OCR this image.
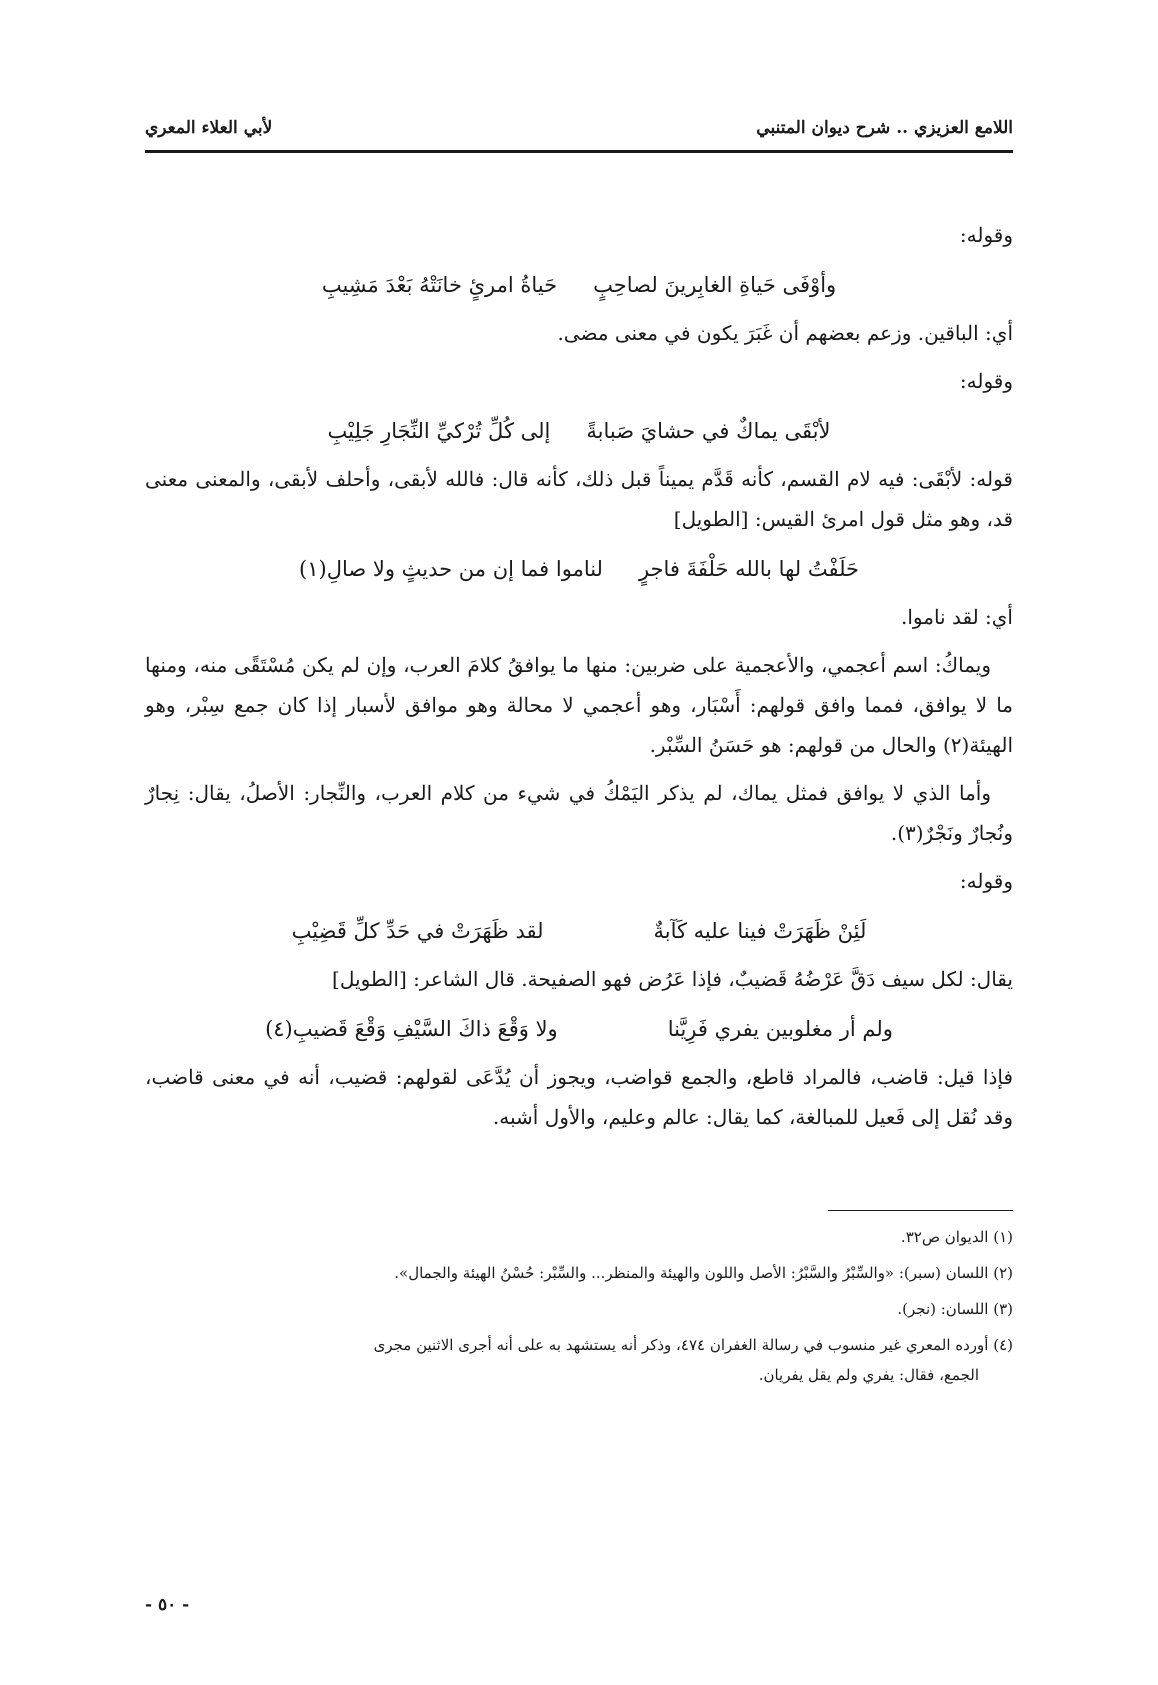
اللامع العزيزي .. شرح ديوان المتنبي
لأبي العلاء المعري
وقوله:
وأوْفَى حَياةِ الغابِرينَ لصاحِبٍ
حَياةُ امرئٍ خانَتْهُ بَعْدَ مَشِيبِ

أي: الباقين. وزعم بعضهم أن غَبَرَ يكون في معنى مضى.

وقوله:
لأبْقَى يماكٌ في حشايَ صَبابةً
إلى كُلِّ تُرْكيِّ النِّجَارِ جَلِيْبِ

قوله: لأبْقَى: فيه لام القسم، كأنه قَدَّم يميناً قبل ذلك، كأنه قال: فالله لأبقى، وأحلف لأبقى، والمعنى معنى قد، وهو مثل قول امرئ القيس: [الطويل]

حَلَفْتُ لها بالله حَلْفَةَ فاجرٍ
لناموا فما إن من حديثٍ ولا صالِ(١)

أي: لقد ناموا.

ويماكُ: اسم أعجمي، والأعجمية على ضربين: منها ما يوافقُ كلامَ العرب، وإن لم يكن مُسْتَقًى منه، ومنها ما لا يوافق، فمما وافق قولهم: أَسْبَار، وهو أعجمي لا محالة وهو موافق لأسبار إذا كان جمع سِبْر، وهو الهيئة(٢) والحال من قولهم: هو حَسَنُ السِّبْر.

وأما الذي لا يوافق فمثل يماك، لم يذكر اليَمْكُ في شيء من كلام العرب، والنِّجار: الأصلُ، يقال: نِجارٌ ونُجارٌ ونَجْرٌ(٣).

وقوله:
لَئِنْ ظَهَرَتْ فينا عليه كَآبةٌ
لقد ظَهَرَتْ في حَدِّ كلِّ قَضِيْبِ

يقال: لكل سيف دَقَّ عَرْضُهُ قَضيبٌ، فإذا عَرُض فهو الصفيحة. قال الشاعر: [الطويل]

ولم أر مغلوبين يفري فَرِيَّنا
ولا وَقْعَ ذاكَ السَّيْفِ وَقْعَ قَضيبِ(٤)

فإذا قيل: قاضب، فالمراد قاطع، والجمع قواضب، ويجوز أن يُدَّعَى لقولهم: قضيب، أنه في معنى قاضب، وقد نُقل إلى فَعيل للمبالغة، كما يقال: عالم وعليم، والأول أشبه.

(١) الديوان ص٣٢.
(٢) اللسان (سبر): «والسِّبْرُ والسَّبْرُ: الأصل واللون والهيئة والمنظر... والسِّبْر: حُسْنُ الهيئة والجمال».
(٣) اللسان: (نجر).
(٤) أورده المعري غير منسوب في رسالة الغفران ٤٧٤، وذكر أنه يستشهد به على أنه أجرى الاثنين مجرى
الجمع، فقال: يفري ولم يقل يفريان.
- ٥٠ -
